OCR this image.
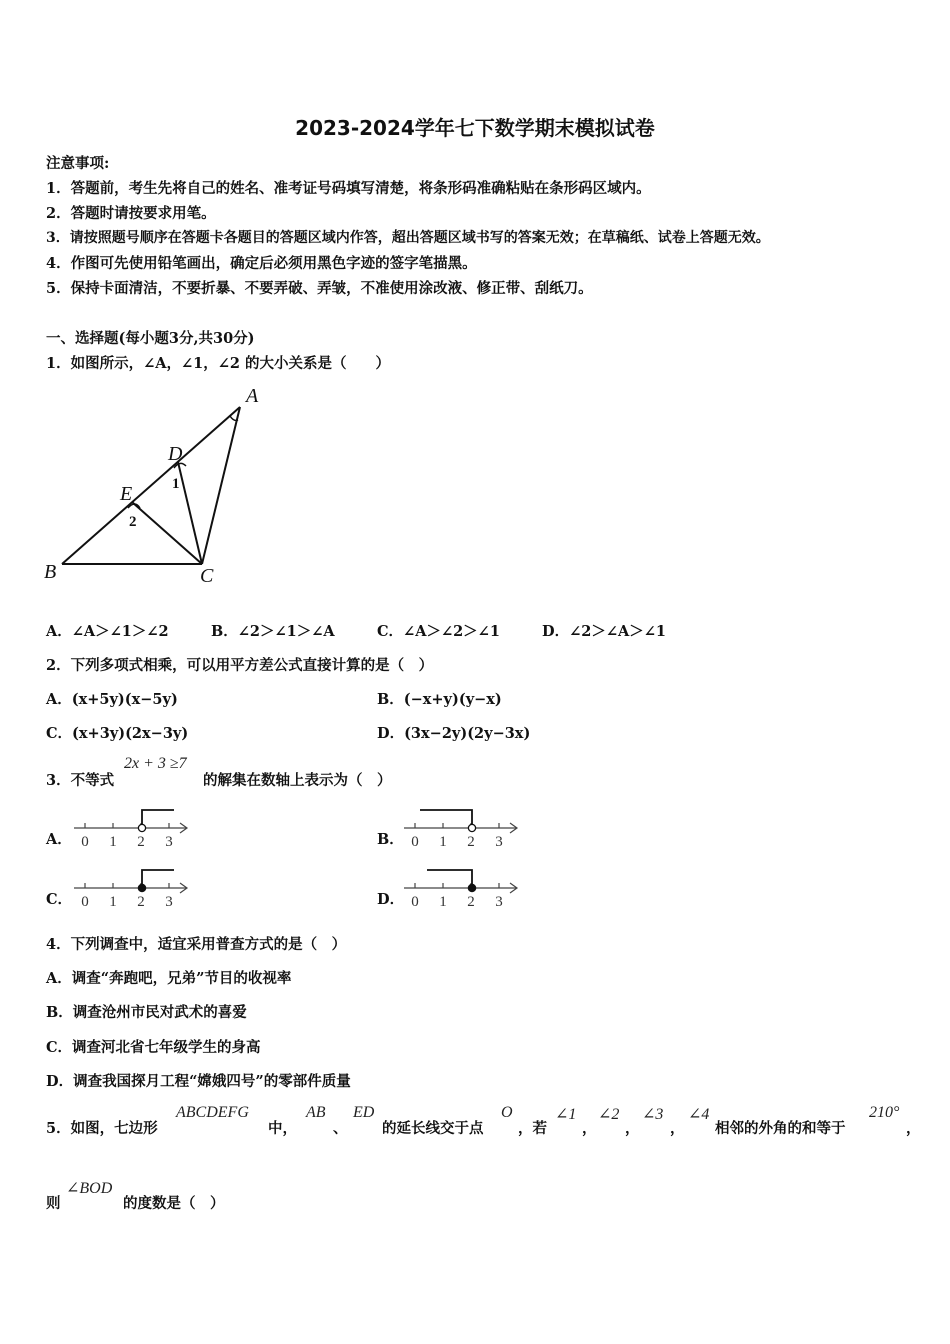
2023-2024学年七下数学期末模拟试卷
注意事项:
1．答题前，考生先将自己的姓名、准考证号码填写清楚，将条形码准确粘贴在条形码区域内。
2．答题时请按要求用笔。
3．请按照题号顺序在答题卡各题目的答题区域内作答，超出答题区域书写的答案无效；在草稿纸、试卷上答题无效。
4．作图可先使用铅笔画出，确定后必须用黑色字迹的签字笔描黑。
5．保持卡面清洁，不要折暴、不要弄破、弄皱，不准使用涂改液、修正带、刮纸刀。
一、选择题(每小题3分,共30分)
1．如图所示，∠A，∠1，∠2 的大小关系是（　　）
A
B	C
D
E	1
2
A．∠A＞∠1＞∠2	B．∠2＞∠1＞∠A	C．∠A＞∠2＞∠1	D．∠2＞∠A＞∠1
2．下列多项式相乘，可以用平方差公式直接计算的是（　）
A．(x+5y)(x−5y)	B．(−x+y)(y−x)
C．(x+3y)(2x−3y)	D．(3x−2y)(2y−3x)
3．不等式
2x + 3 ≥7
的解集在数轴上表示为（　）
A．	B．
C．	D．
0 1 2 3	0 1 2 3
0 1 2 3	0 1 2 3
4．下列调查中，适宜采用普查方式的是（　）
A．调查“奔跑吧，兄弟”节目的收视率
B．调查沧州市民对武术的喜爱
C．调查河北省七年级学生的身高
D．调查我国探月工程“嫦娥四号”的零部件质量
5．如图，七边形
ABCDEFG
中，
AB
、
ED
的延长线交于点
O
，若
∠1
，
∠2
，
∠3
，
∠4
相邻的外角的和等于
210°
，
则
∠BOD
的度数是（　）
